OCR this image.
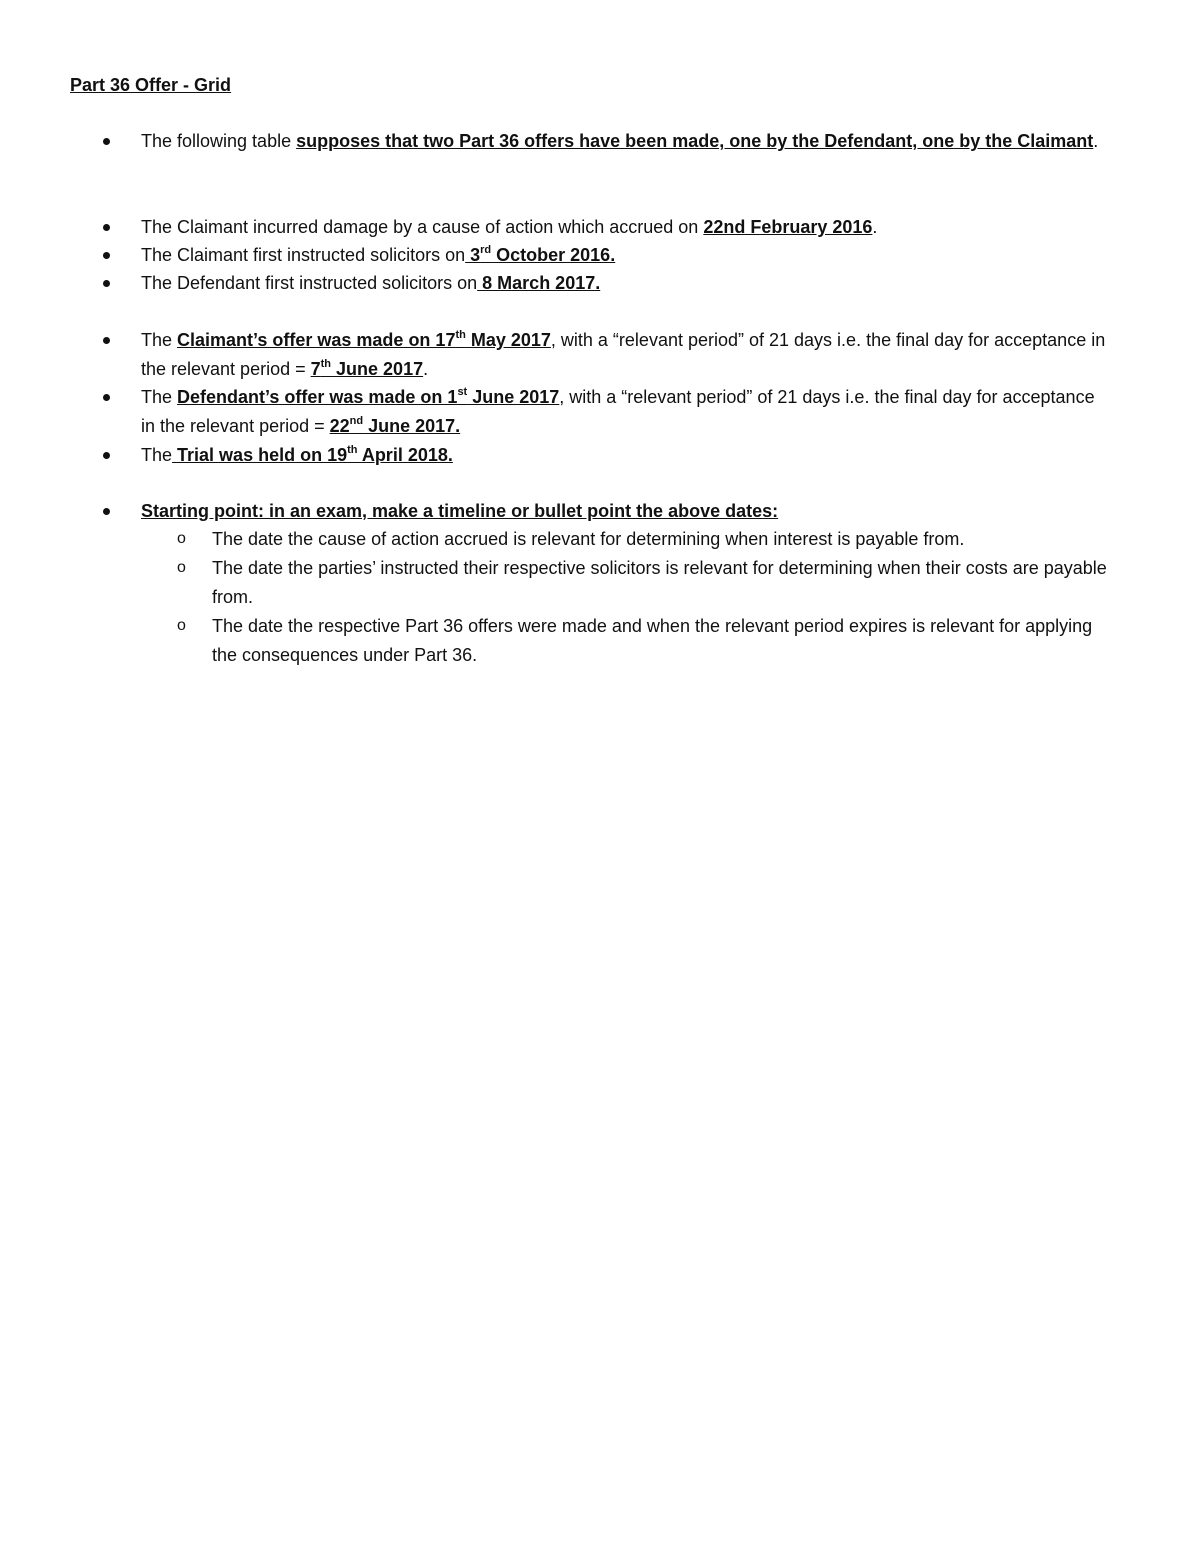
Part 36 Offer - Grid
The following table supposes that two Part 36 offers have been made, one by the Defendant, one by the Claimant.
The Claimant incurred damage by a cause of action which accrued on 22nd February 2016.
The Claimant first instructed solicitors on 3rd October 2016.
The Defendant first instructed solicitors on 8 March 2017.
The Claimant’s offer was made on 17th May 2017, with a “relevant period” of 21 days i.e. the final day for acceptance in the relevant period = 7th June 2017.
The Defendant’s offer was made on 1st June 2017, with a “relevant period” of 21 days i.e. the final day for acceptance in the relevant period = 22nd June 2017.
The Trial was held on 19th April 2018.
Starting point: in an exam, make a timeline or bullet point the above dates:
o The date the cause of action accrued is relevant for determining when interest is payable from.
o The date the parties’ instructed their respective solicitors is relevant for determining when their costs are payable from.
o The date the respective Part 36 offers were made and when the relevant period expires is relevant for applying the consequences under Part 36.
